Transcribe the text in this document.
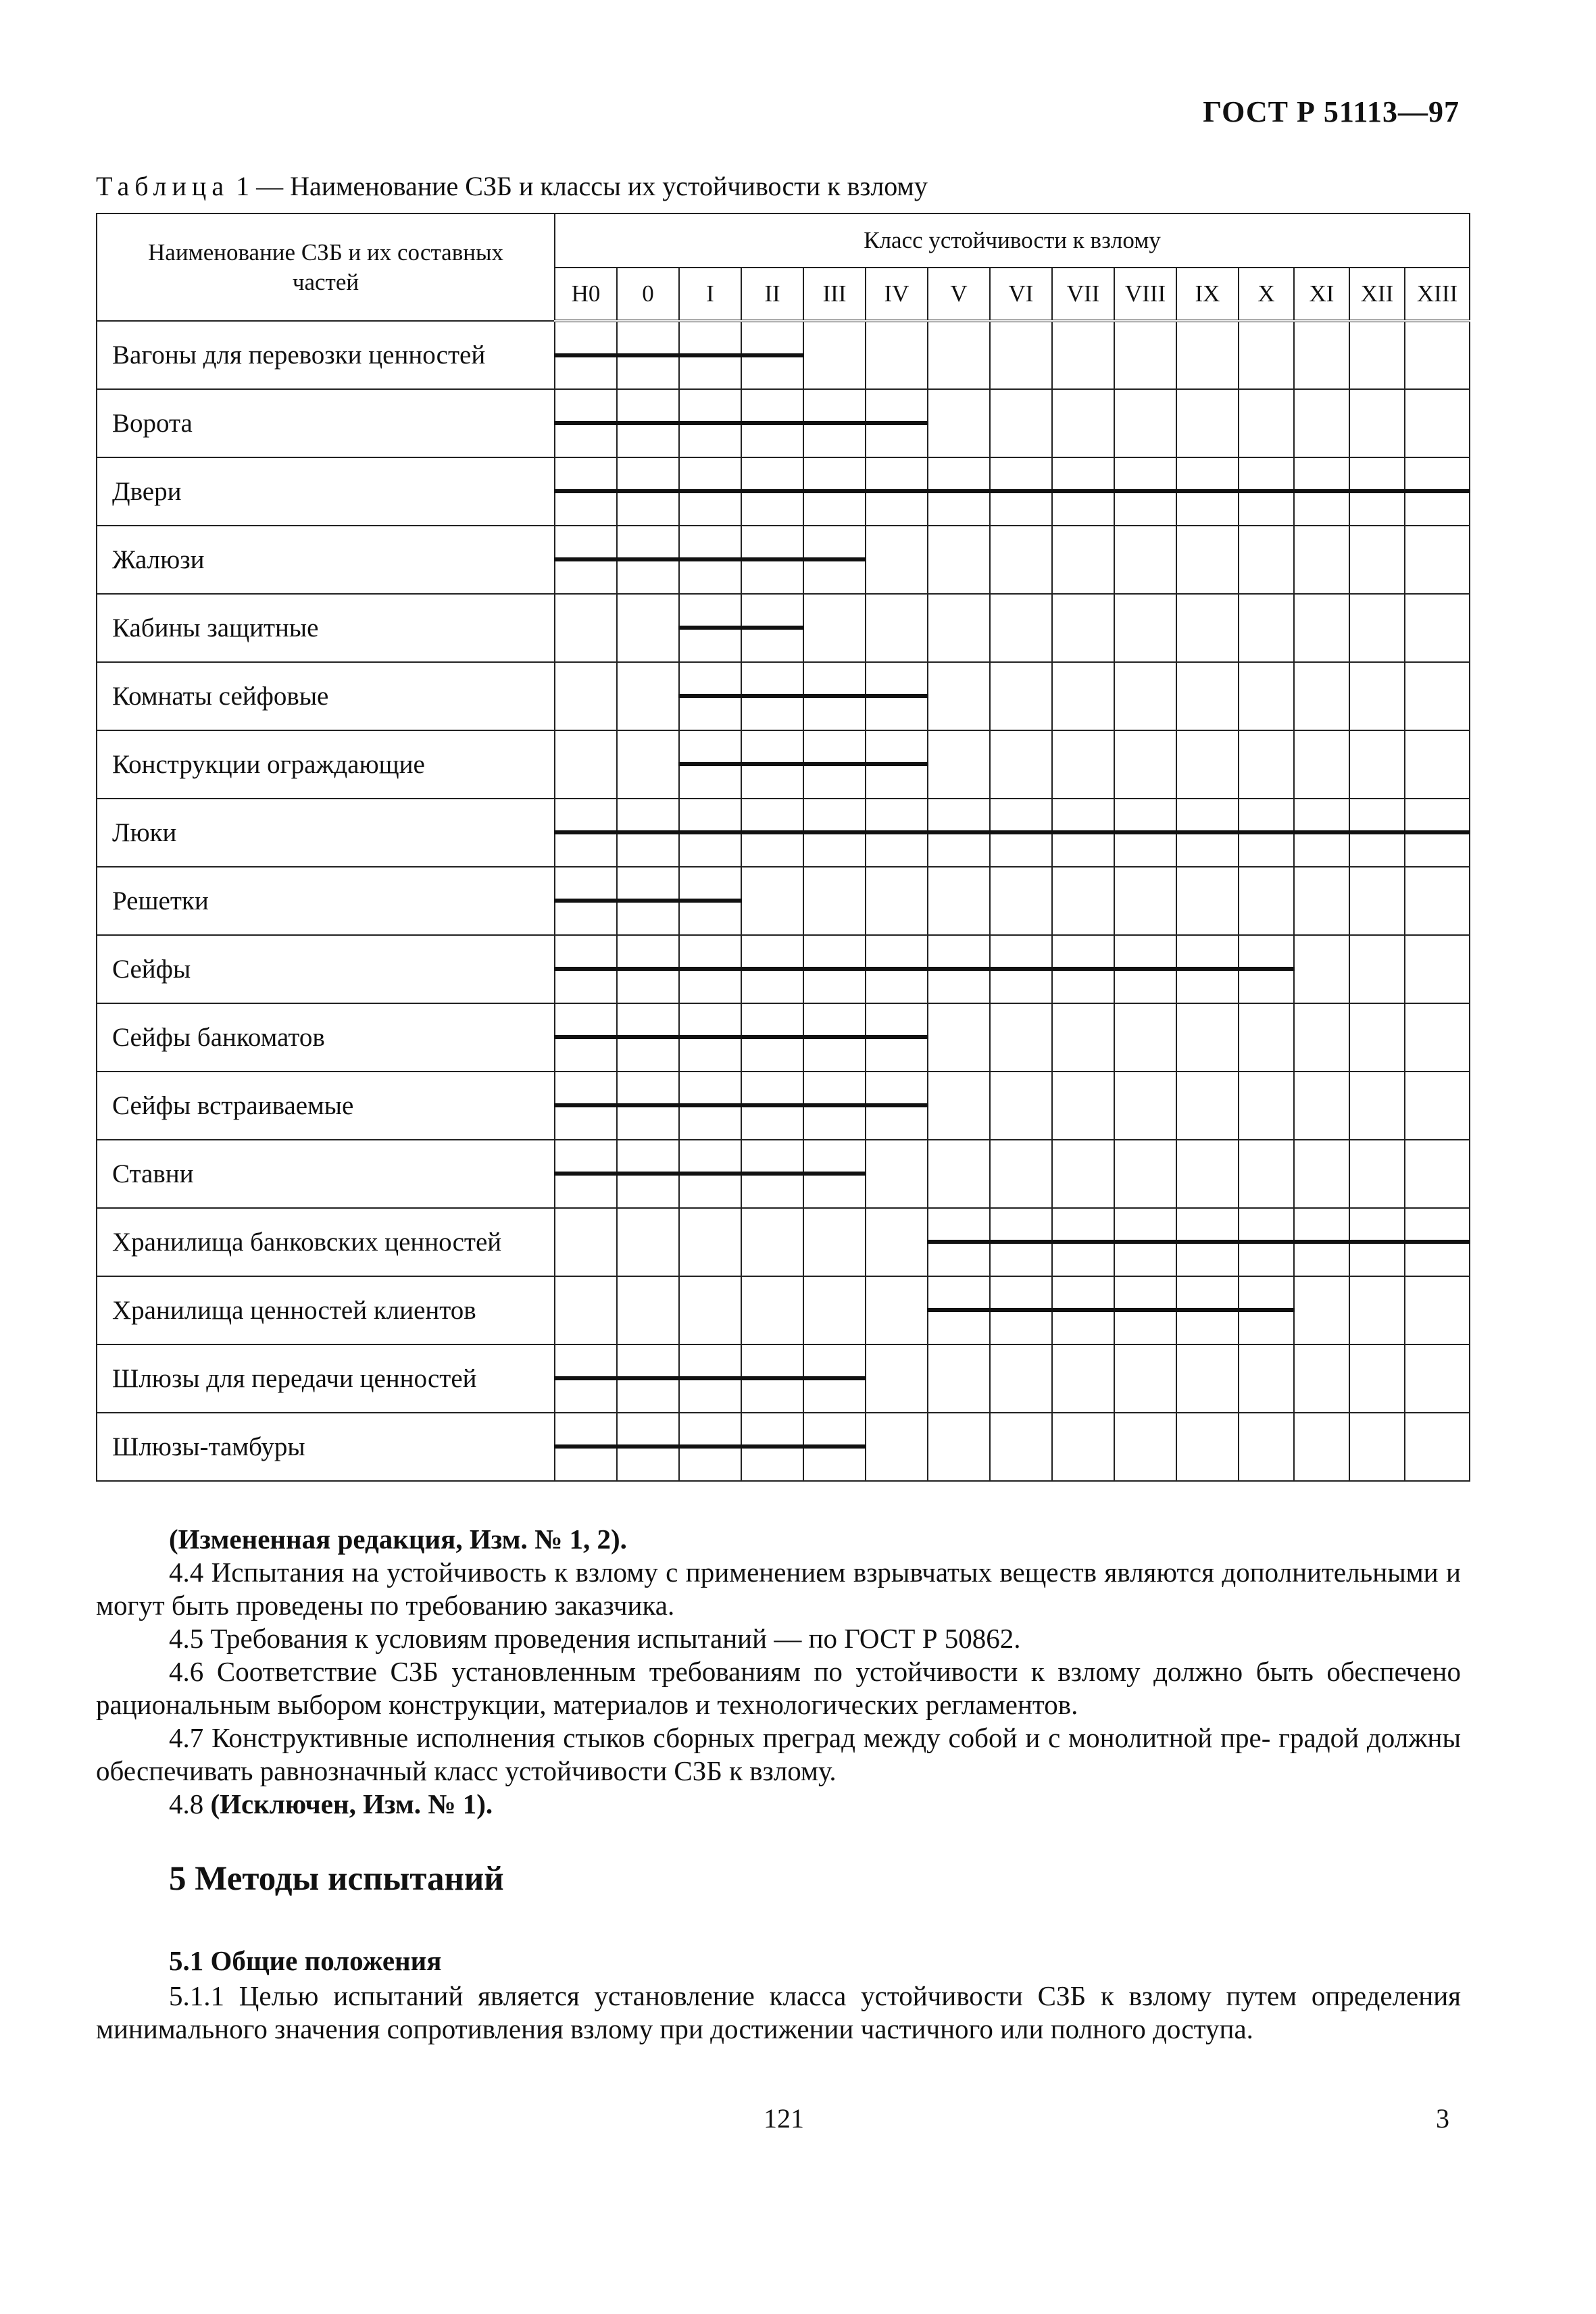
ГОСТ Р 51113—97
Таблица 1 — Наименование СЗБ и классы их устойчивости к взлому
Наименование СЗБ и их составных частей	Класс устойчивости к взлому														
	Н0	0	I	II	III	IV	V	VI	VII	VIII	IX	X	XI	XII	XIII
Вагоны для перевозки ценностей	

Ворота	

Двери	

Жалюзи	

Кабины защитные			

Комнаты сейфовые			

Конструкции ограждающие			

Люки	

Решетки	

Сейфы	

Сейфы банкоматов	

Сейфы встраиваемые	

Ставни	

Хранилища банковских ценностей							

Хранилища ценностей клиентов							

Шлюзы для передачи ценностей	

Шлюзы-тамбуры	

(Измененная редакция, Изм. № 1, 2).

4.4 Испытания на устойчивость к взлому с применением взрывчатых веществ являются дополнительными и могут быть проведены по требованию заказчика.

4.5 Требования к условиям проведения испытаний — по ГОСТ Р 50862.

4.6 Соответствие СЗБ установленным требованиям по устойчивости к взлому должно быть обеспечено рациональным выбором конструкции, материалов и технологических регламентов.

4.7 Конструктивные исполнения стыков сборных преград между собой и с монолитной пре- градой должны обеспечивать равнозначный класс устойчивости СЗБ к взлому.

4.8 (Исключен, Изм. № 1).

5 Методы испытаний
5.1 Общие положения

5.1.1 Целью испытаний является установление класса устойчивости СЗБ к взлому путем определения минимального значения сопротивления взлому при достижении частичного или полного доступа.

121	3
